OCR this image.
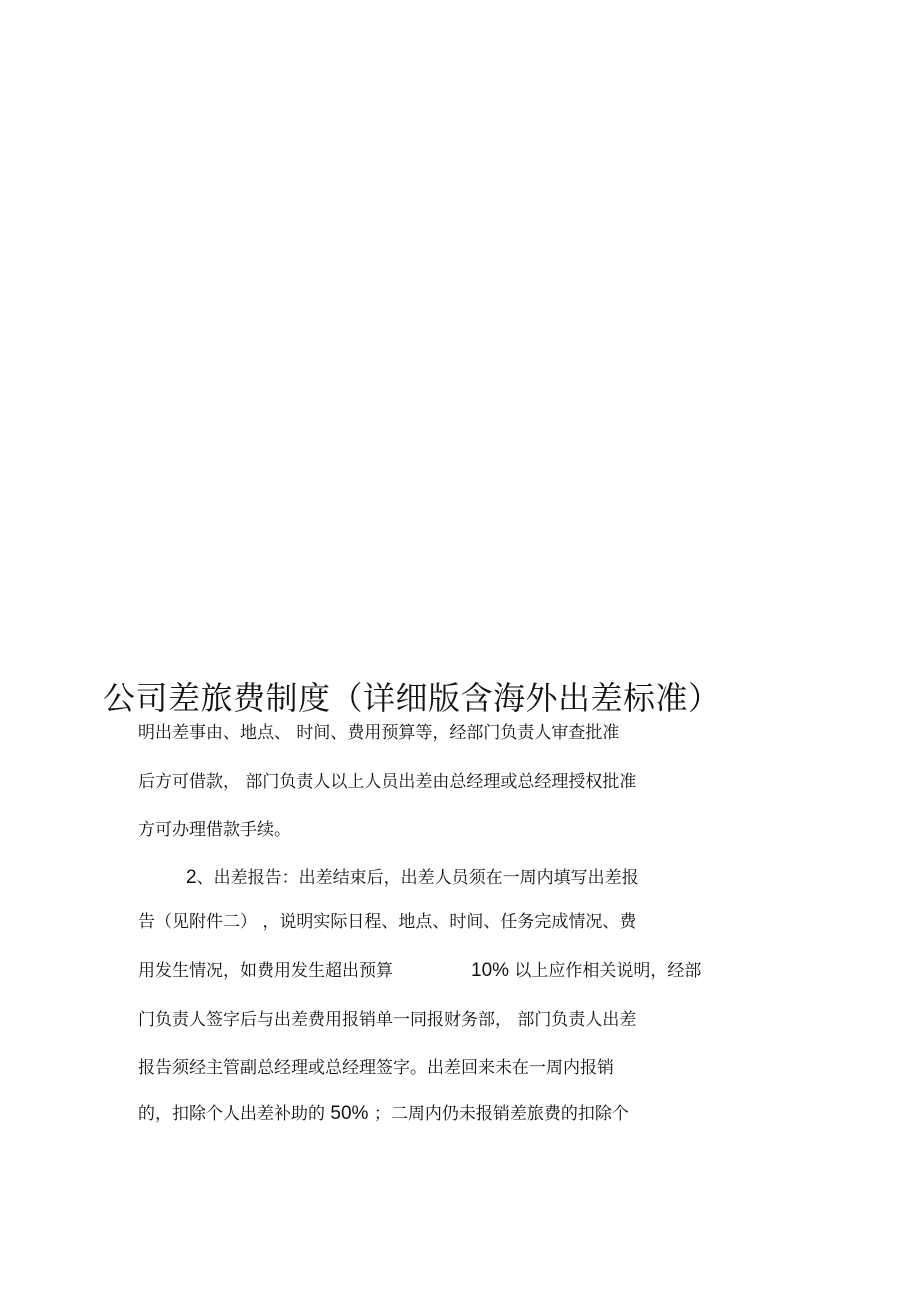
公司差旅费制度（详细版含海外出差标准）
明出差事由、地点、 时间、费用预算等，经部门负责人审查批准
后方可借款， 部门负责人以上人员出差由总经理或总经理授权批准
方可办理借款手续。
2、出差报告：出差结束后，出差人员须在一周内填写出差报
告（见附件二） ，说明实际日程、地点、时间、任务完成情况、费
用发生情况，如费用发生超出预算	10% 以上应作相关说明，经部
门负责人签字后与出差费用报销单一同报财务部， 部门负责人出差
报告须经主管副总经理或总经理签字。出差回来未在一周内报销
的，扣除个人出差补助的 50% ；二周内仍未报销差旅费的扣除个
